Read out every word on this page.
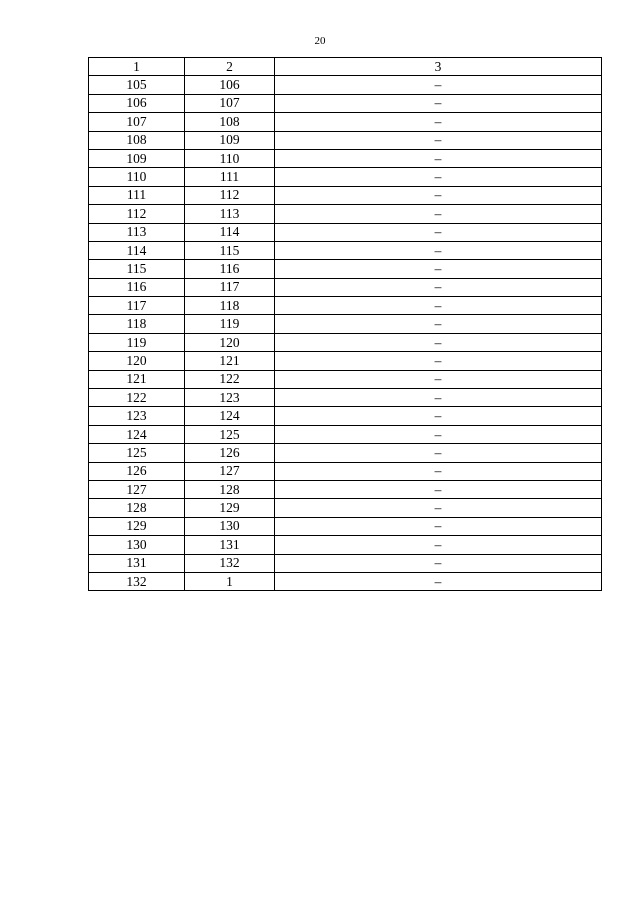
20
1	2	3
105	106	–
106	107	–
107	108	–
108	109	–
109	110	–
110	111	–
111	112	–
112	113	–
113	114	–
114	115	–
115	116	–
116	117	–
117	118	–
118	119	–
119	120	–
120	121	–
121	122	–
122	123	–
123	124	–
124	125	–
125	126	–
126	127	–
127	128	–
128	129	–
129	130	–
130	131	–
131	132	–
132	1	–
